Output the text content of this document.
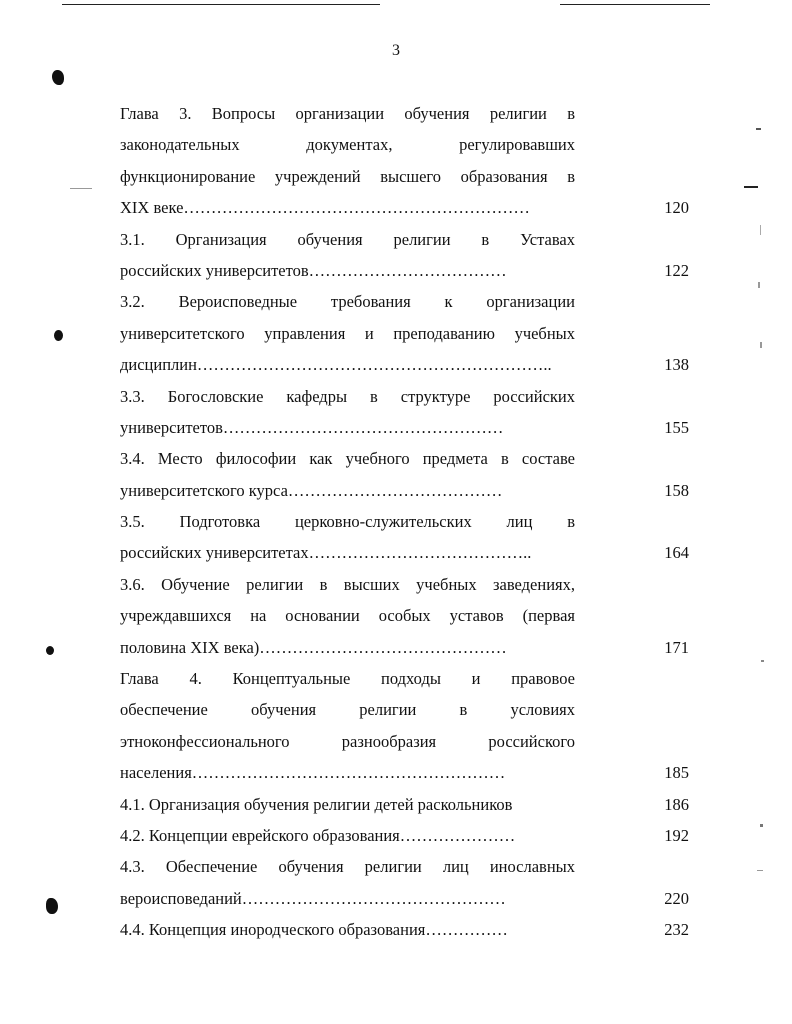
3
Глава 3. Вопросы организации обучения религии в
законодательных документах, регулировавших
функционирование учреждений высшего образования в
XIX веке………………………………………………………	120
3.1. Организация обучения религии в Уставах
российских университетов………………………………	122
3.2. Вероисповедные требования к организации
университетского управления и преподаванию учебных
дисциплин………………………………………………………..	138
3.3. Богословские кафедры в структуре российских
университетов……………………………………………	155
3.4. Место философии как учебного предмета в составе
университетского курса…………………………………	158
3.5. Подготовка церковно-служительских лиц в
российских университетах…………………………………..	164
3.6. Обучение религии в высших учебных заведениях,
учреждавшихся на основании особых уставов (первая
половина XIX века)………………………………………	171
Глава 4. Концептуальные подходы и правовое
обеспечение обучения религии в условиях
этноконфессионального разнообразия российского
населения…………………………………………………	185
4.1. Организация обучения религии детей раскольников	186
4.2. Концепции еврейского образования…………………	192
4.3. Обеспечение обучения религии лиц инославных
вероисповеданий…………………………………………	220
4.4. Концепция инородческого образования……………	232
